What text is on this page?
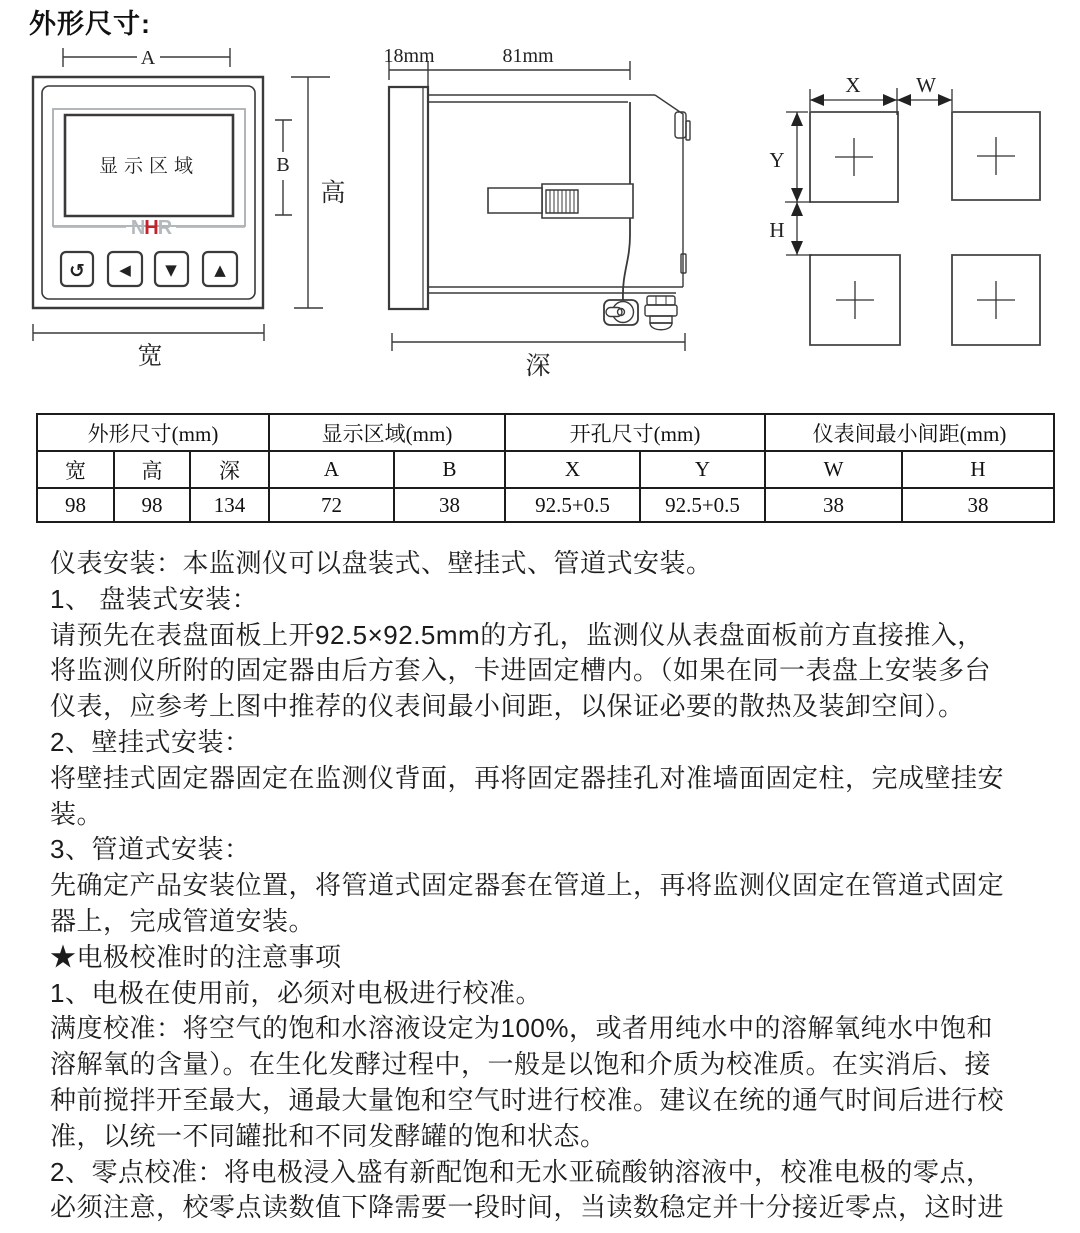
外形尺寸:
A
显示区域	B
高
宽
NHR
↺ ◀ ▼ ▲
18mm	81mm
深
X	W
Y
H
外形尺寸(mm)			显示区域(mm)		开孔尺寸(mm)		仪表间最小间距(mm)	
宽	高	深	A	B	X	Y	W	H
98	98	134	72	38	92.5+0.5	92.5+0.5	38	38
仪表安装：本监测仪可以盘装式、壁挂式、管道式安装。
1、 盘装式安装：
请预先在表盘面板上开92.5×92.5mm的方孔，监测仪从表盘面板前方直接推入，
将监测仪所附的固定器由后方套入，卡进固定槽内。（如果在同一表盘上安装多台
仪表，应参考上图中推荐的仪表间最小间距，以保证必要的散热及装卸空间）。
2、壁挂式安装：
将壁挂式固定器固定在监测仪背面，再将固定器挂孔对准墙面固定柱，完成壁挂安
装。
3、管道式安装：
先确定产品安装位置，将管道式固定器套在管道上，再将监测仪固定在管道式固定
器上，完成管道安装。
★电极校准时的注意事项
1、电极在使用前，必须对电极进行校准。
满度校准：将空气的饱和水溶液设定为100%，或者用纯水中的溶解氧纯水中饱和
溶解氧的含量）。在生化发酵过程中，一般是以饱和介质为校准质。在实消后、接
种前搅拌开至最大，通最大量饱和空气时进行校准。建议在统的通气时间后进行校
准，以统一不同罐批和不同发酵罐的饱和状态。
2、零点校准：将电极浸入盛有新配饱和无水亚硫酸钠溶液中，校准电极的零点，
必须注意，校零点读数值下降需要一段时间，当读数稳定并十分接近零点，这时进
